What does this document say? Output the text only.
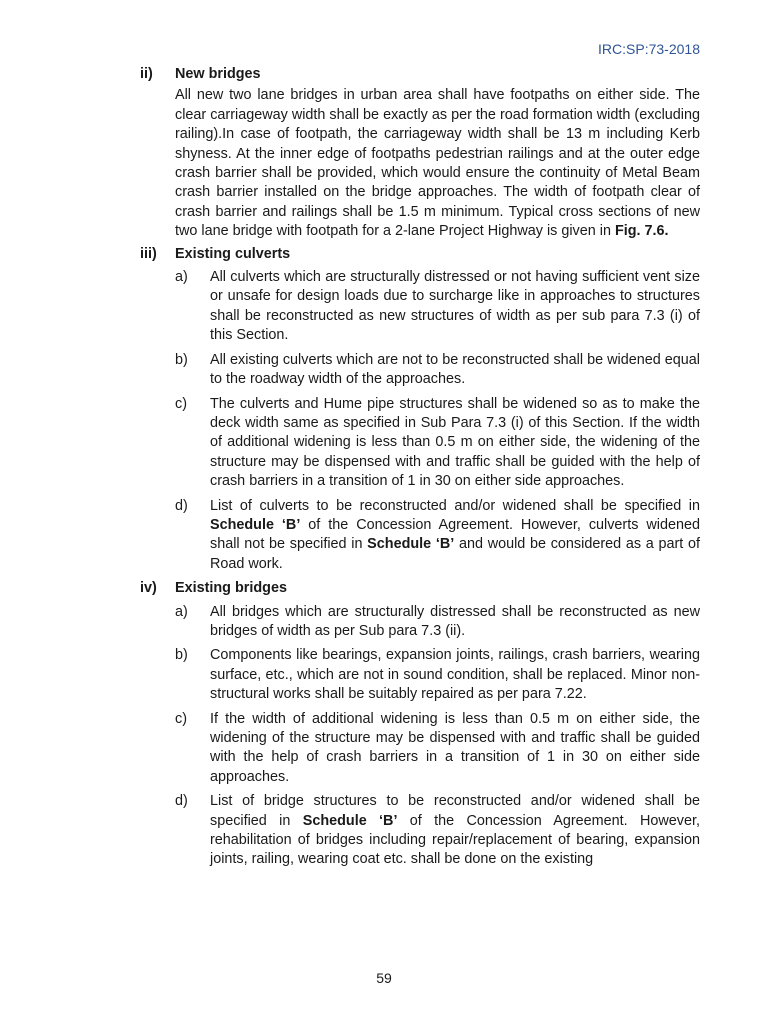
IRC:SP:73-2018
ii)	New bridges

All new two lane bridges in urban area shall have footpaths on either side. The clear carriageway width shall be exactly as per the road formation width (excluding railing).In case of footpath, the carriageway width shall be 13 m including Kerb shyness. At the inner edge of footpaths pedestrian railings and at the outer edge crash barrier shall be provided, which would ensure the continuity of Metal Beam crash barrier installed on the bridge approaches. The width of footpath clear of crash barrier and railings shall be 1.5 m minimum. Typical cross sections of new two lane bridge with footpath for a 2-lane Project Highway is given in Fig. 7.6.

iii)	Existing culverts
a)	All culverts which are structurally distressed or not having sufficient vent size or unsafe for design loads due to surcharge like in approaches to structures shall be reconstructed as new structures of width as per sub para 7.3 (i) of this Section.
b)	All existing culverts which are not to be reconstructed shall be widened equal to the roadway width of the approaches.
c)	The culverts and Hume pipe structures shall be widened so as to make the deck width same as specified in Sub Para 7.3 (i) of this Section. If the width of additional widening is less than 0.5 m on either side, the widening of the structure may be dispensed with and traffic shall be guided with the help of crash barriers in a transition of 1 in 30 on either side approaches.
d)	List of culverts to be reconstructed and/or widened shall be specified in Schedule ‘B’ of the Concession Agreement. However, culverts widened shall not be specified in Schedule ‘B’ and would be considered as a part of Road work.
iv)	Existing bridges
a)	All bridges which are structurally distressed shall be reconstructed as new bridges of width as per Sub para 7.3 (ii).
b)	Components like bearings, expansion joints, railings, crash barriers, wearing surface, etc., which are not in sound condition, shall be replaced. Minor non-structural works shall be suitably repaired as per para 7.22.
c)	If the width of additional widening is less than 0.5 m on either side, the widening of the structure may be dispensed with and traffic shall be guided with the help of crash barriers in a transition of 1 in 30 on either side approaches.
d)	List of bridge structures to be reconstructed and/or widened shall be specified in Schedule ‘B’ of the Concession Agreement. However, rehabilitation of bridges including repair/replacement of bearing, expansion joints, railing, wearing coat etc. shall be done on the existing
59
